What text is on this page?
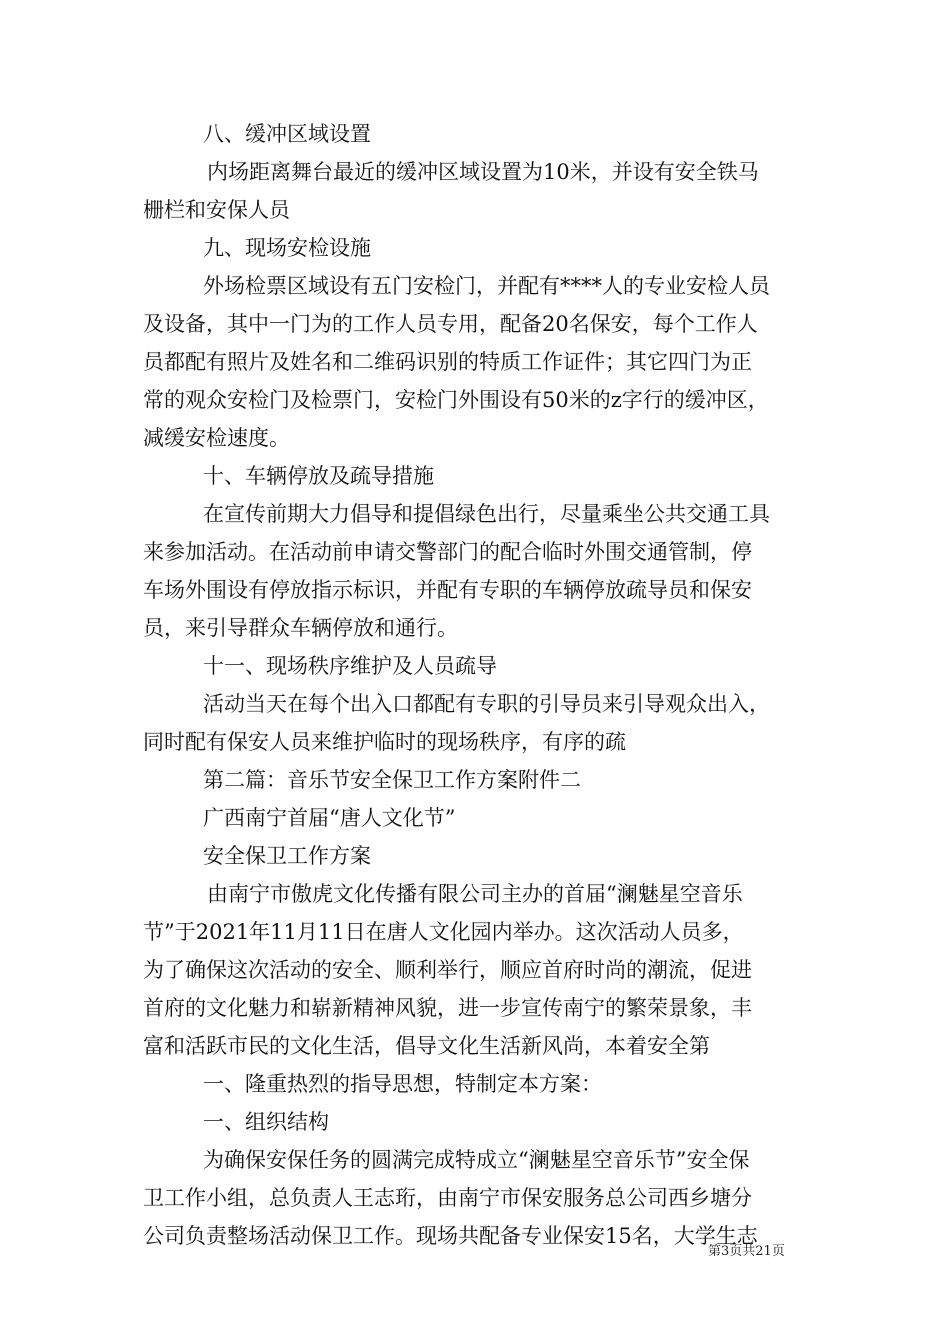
八、缓冲区域设置

内场距离舞台最近的缓冲区域设置为10米，并设有安全铁马

栅栏和安保人员

九、现场安检设施

外场检票区域设有五门安检门，并配有****人的专业安检人员

及设备，其中一门为的工作人员专用，配备20名保安，每个工作人

员都配有照片及姓名和二维码识别的特质工作证件；其它四门为正

常的观众安检门及检票门，安检门外围设有50米的z字行的缓冲区，

减缓安检速度。

十、车辆停放及疏导措施

在宣传前期大力倡导和提倡绿色出行，尽量乘坐公共交通工具

来参加活动。在活动前申请交警部门的配合临时外围交通管制，停

车场外围设有停放指示标识，并配有专职的车辆停放疏导员和保安

员，来引导群众车辆停放和通行。

十一、现场秩序维护及人员疏导

活动当天在每个出入口都配有专职的引导员来引导观众出入，

同时配有保安人员来维护临时的现场秩序，有序的疏

第二篇：音乐节安全保卫工作方案附件二

广西南宁首届“唐人文化节”

安全保卫工作方案

由南宁市傲虎文化传播有限公司主办的首届“澜魅星空音乐

节”于2021年11月11日在唐人文化园内举办。这次活动人员多，

为了确保这次活动的安全、顺利举行，顺应首府时尚的潮流，促进

首府的文化魅力和崭新精神风貌，进一步宣传南宁的繁荣景象，丰

富和活跃市民的文化生活，倡导文化生活新风尚，本着安全第

一、隆重热烈的指导思想，特制定本方案：

一、组织结构

为确保安保任务的圆满完成特成立“澜魅星空音乐节”安全保

卫工作小组，总负责人王志珩，由南宁市保安服务总公司西乡塘分

公司负责整场活动保卫工作。现场共配备专业保安15名，大学生志

第3页共21页
